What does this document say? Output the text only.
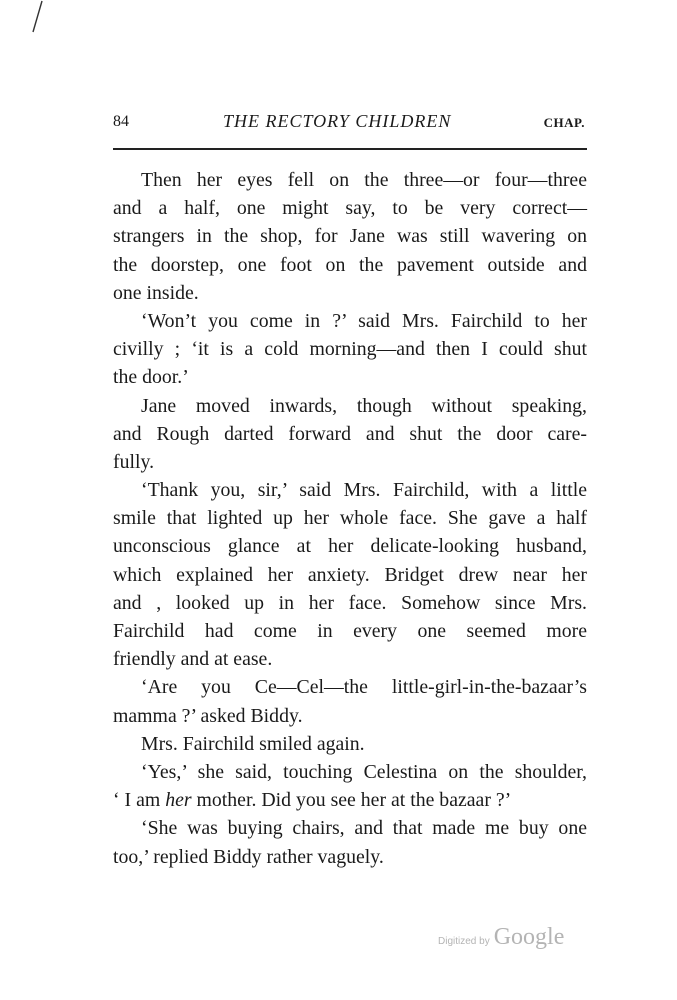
84	THE RECTORY CHILDREN	CHAP.
Then her eyes fell on the three—or four—three
and a half, one might say, to be very correct—
strangers in the shop, for Jane was still wavering on
the doorstep, one foot on the pavement outside and
one inside.
‘Won’t you come in ?’ said Mrs. Fairchild to her
civilly ; ‘it is a cold morning—and then I could shut
the door.’
Jane moved inwards, though without speaking,
and Rough darted forward and shut the door care-
fully.
‘Thank you, sir,’ said Mrs. Fairchild, with a little
smile that lighted up her whole face. She gave a half
unconscious glance at her delicate-looking husband,
which explained her anxiety. Bridget drew near her
and , looked up in her face. Somehow since Mrs.
Fairchild had come in every one seemed more
friendly and at ease.
‘Are you Ce—Cel—the little-girl-in-the-bazaar’s
mamma ?’ asked Biddy.
Mrs. Fairchild smiled again.
‘Yes,’ she said, touching Celestina on the shoulder,
‘ I am her mother. Did you see her at the bazaar ?’
‘She was buying chairs, and that made me buy one
too,’ replied Biddy rather vaguely.
Digitized by Google
